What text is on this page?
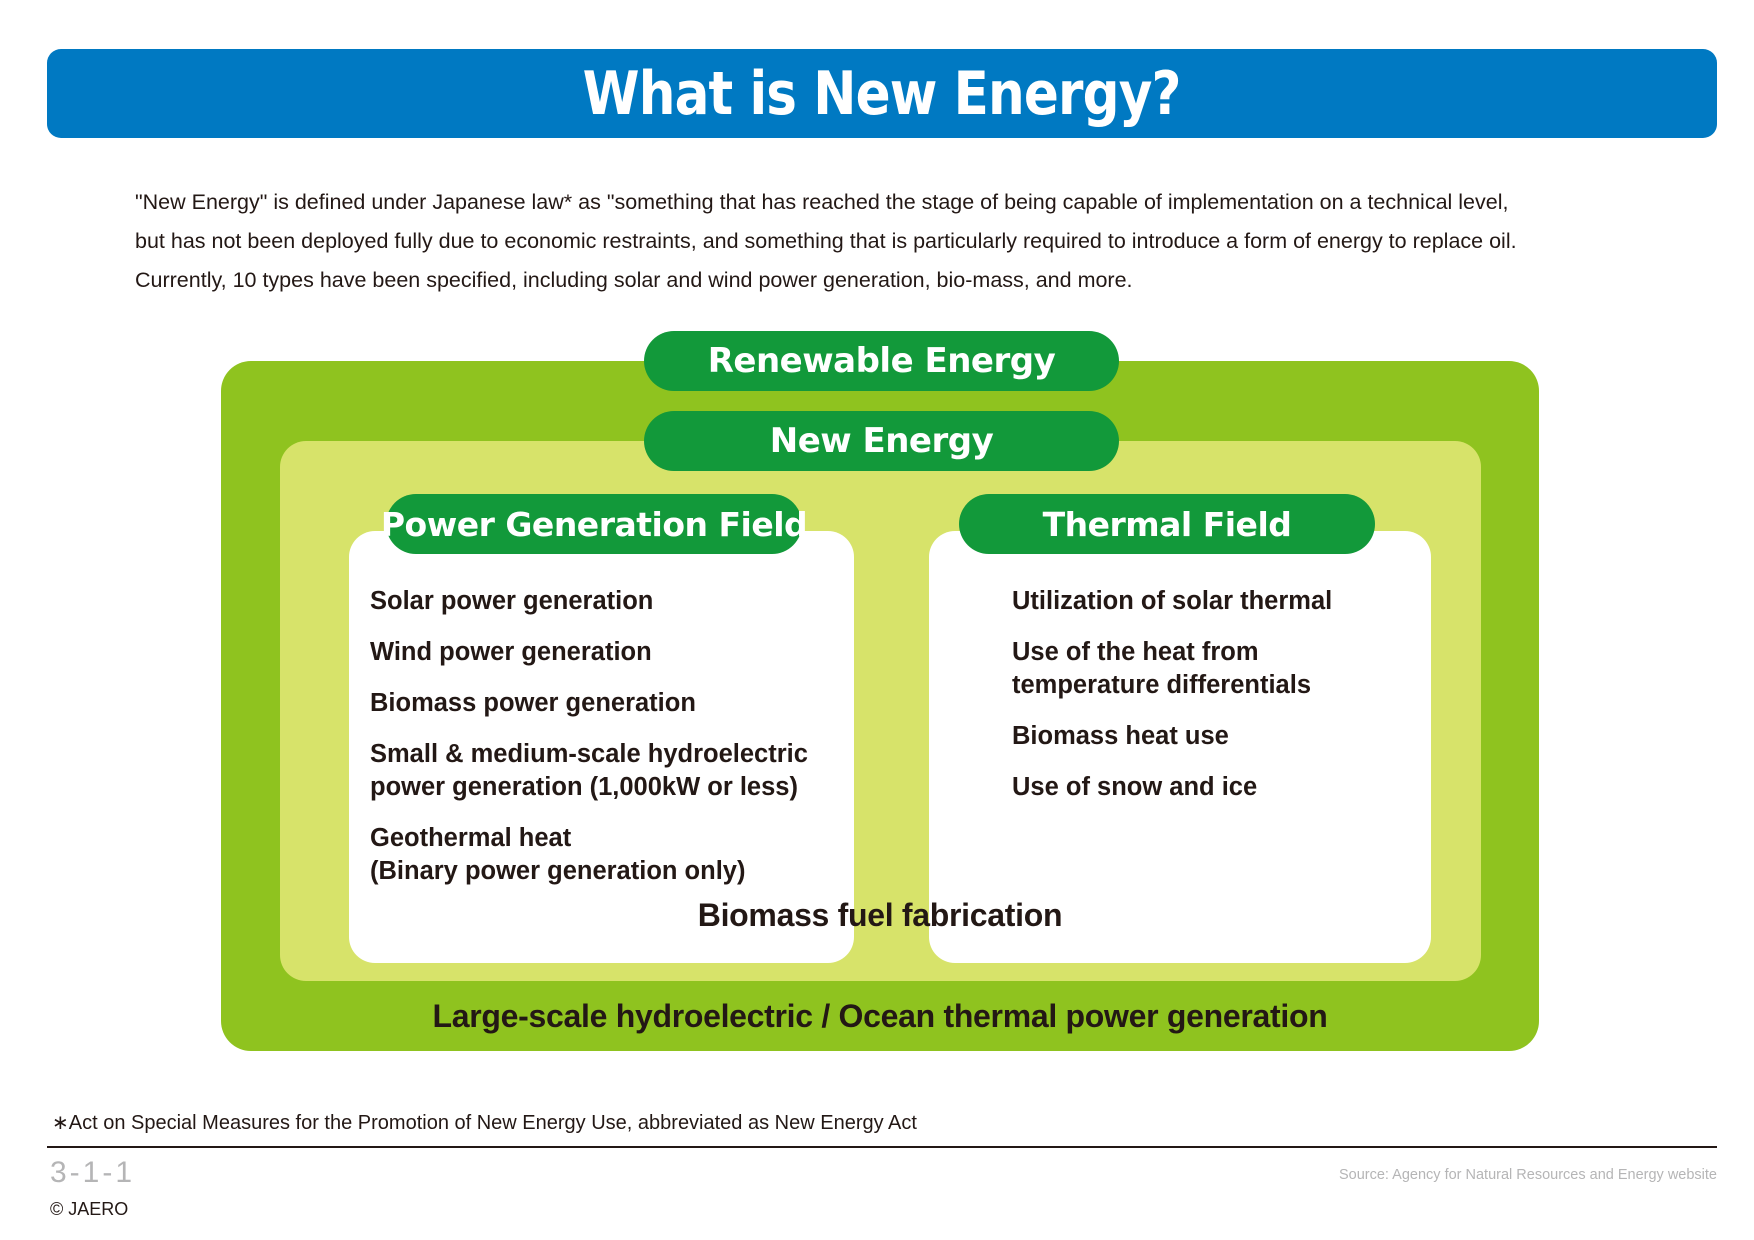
What is New Energy?

"New Energy" is defined under Japanese law* as "something that has reached the stage of being capable of implementation on a technical level,

but has not been deployed fully due to economic restraints, and something that is particularly required to introduce a form of energy to replace oil.

Currently, 10 types have been specified, including solar and wind power generation, bio-mass, and more.

Solar power generation
Wind power generation
Biomass power generation
Small & medium-scale hydroelectric
power generation (1,000kW or less)
Geothermal heat
(Binary power generation only)
Utilization of solar thermal
Use of the heat from
temperature differentials
Biomass heat use
Use of snow and ice
Renewable Energy
New Energy
Power Generation Field	Thermal Field
Biomass fuel fabrication
Large-scale hydroelectric / Ocean thermal power generation
∗Act on Special Measures for the Promotion of New Energy Use, abbreviated as New Energy Act
3-1-1
© JAERO
Source: Agency for Natural Resources and Energy website
